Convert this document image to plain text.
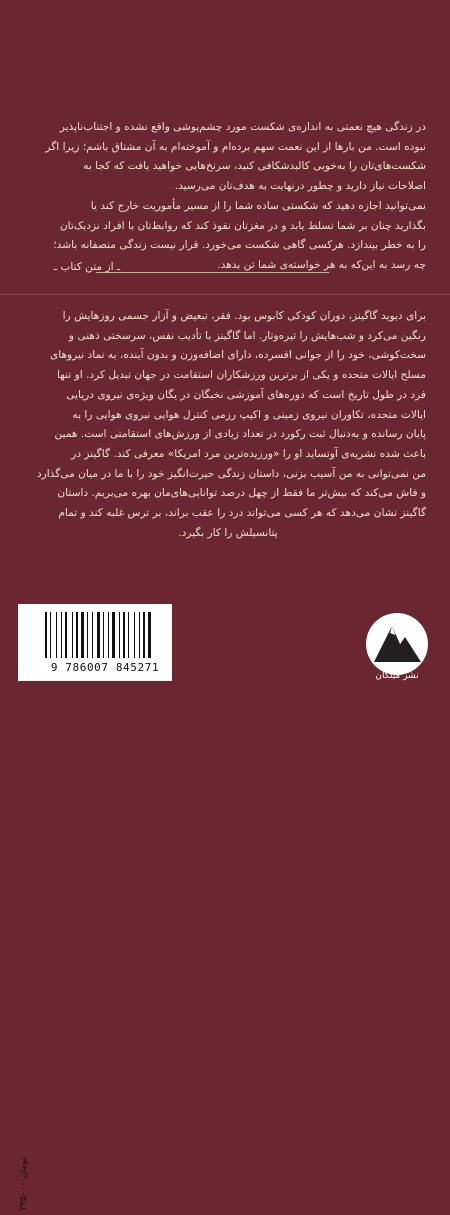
در زندگی هیچ نعمتی به اندازه‌ی شکست مورد چشم‌پوشی واقع نشده و اجتناب‌ناپذیر
نبوده است. من بارها از این نعمت سهم برده‌ام و آموخته‌ام به آن مشتاق باشم؛ زیرا اگر
شکست‌های‌تان را به‌خوبی کالبدشکافی کنید، سرنخ‌هایی خواهید یافت که کجا به
اصلاحات نیاز دارید و چطور درنهایت به هدف‌تان می‌رسید.
نمی‌توانید اجازه دهید که شکستی ساده شما را از مسیر مأموریت خارج کند یا
بگذارید چنان بر شما تسلط یابد و در مغزتان نفوذ کند که روابط‌تان با افراد نزدیک‌تان
را به خطر بیندازد. هرکسی گاهی شکست می‌خورد. قرار نیست زندگی منصفانه باشد؛
چه رسد به این‌که به هر خواسته‌ی شما تن بدهد.
ـ از متن کتاب ـ
برای دیوید گاگینز، دوران کودکی کابوس بود. فقر، تبعیض و آزار جسمی روزهایش را
رنگین می‌کرد و شب‌هایش را تیره‌وتار. اما گاگینز با تأدیب نفس، سرسختی ذهنی و
سخت‌کوشی، خود را از جوانی افسرده، دارای اضافه‌وزن و بدون آینده، به نماد نیروهای
مسلح ایالات متحده و یکی از برترین ورزشکاران استقامت در جهان تبدیل کرد. او تنها
فرد در طول تاریخ است که دوره‌های آموزشی نخبگان در یگان ویژه‌ی نیروی دریایی
ایالات متحده، تکاوران نیروی زمینی و اکیپ رزمی کنترل هوایی نیروی هوایی را به
پایان رسانده و به‌دنبال ثبت رکورد در تعداد زیادی از ورزش‌های استقامتی است. همین
باعث شده نشریه‌ی آوتساید او را «ورزیده‌ترین مرد امریکا» معرفی کند. گاگینز در
من نمی‌توانی به من آسیب بزنی، داستان زندگی حیرت‌انگیز خود را با ما در میان می‌گذارد
و فاش می‌کند که بیش‌تر ما فقط از چهل درصد توانایی‌های‌مان بهره می‌بریم. داستان
گاگینز نشان می‌دهد که هر کسی می‌تواند درد را عقب براند، بر ترس غلبه کند و تمام
پتانسیلش را کار بگیرد.
9 786007 845271
۲۳۵۰۰۰ تومان
نشر میلکان
